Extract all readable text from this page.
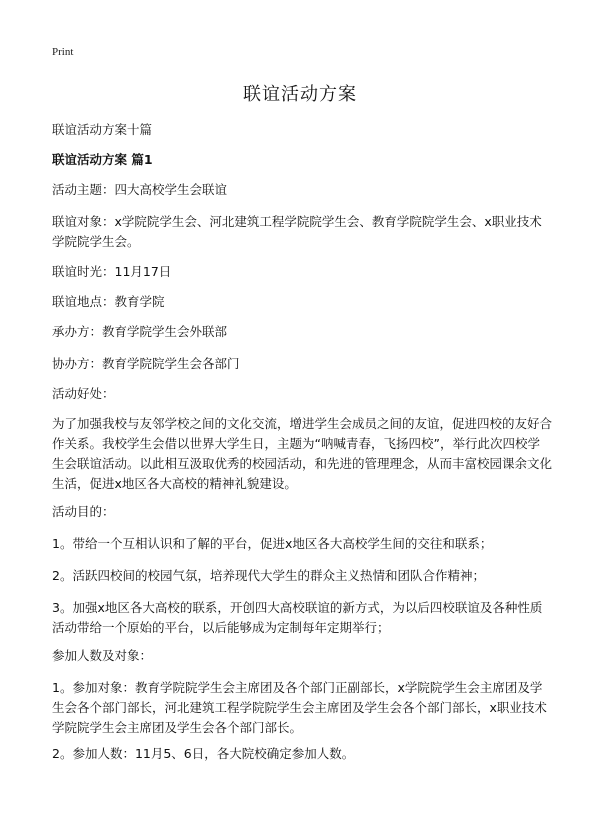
Print
联谊活动方案
联谊活动方案十篇
联谊活动方案 篇1
活动主题：四大高校学生会联谊
联谊对象：x学院院学生会、河北建筑工程学院院学生会、教育学院院学生会、x职业技术学院院学生会。
联谊时光：11月17日
联谊地点：教育学院
承办方：教育学院学生会外联部
协办方：教育学院院学生会各部门
活动好处：
为了加强我校与友邻学校之间的文化交流，增进学生会成员之间的友谊，促进四校的友好合作关系。我校学生会借以世界大学生日，主题为“呐喊青春，飞扬四校”，举行此次四校学生会联谊活动。以此相互汲取优秀的校园活动，和先进的管理理念，从而丰富校园课余文化生活，促进x地区各大高校的精神礼貌建设。
活动目的：
1。带给一个互相认识和了解的平台，促进x地区各大高校学生间的交往和联系；
2。活跃四校间的校园气氛，培养现代大学生的群众主义热情和团队合作精神；
3。加强x地区各大高校的联系，开创四大高校联谊的新方式，为以后四校联谊及各种性质活动带给一个原始的平台，以后能够成为定制每年定期举行；
参加人数及对象：
1。参加对象：教育学院院学生会主席团及各个部门正副部长，x学院院学生会主席团及学生会各个部门部长，河北建筑工程学院院学生会主席团及学生会各个部门部长，x职业技术学院院学生会主席团及学生会各个部门部长。
2。参加人数：11月5、6日，各大院校确定参加人数。
